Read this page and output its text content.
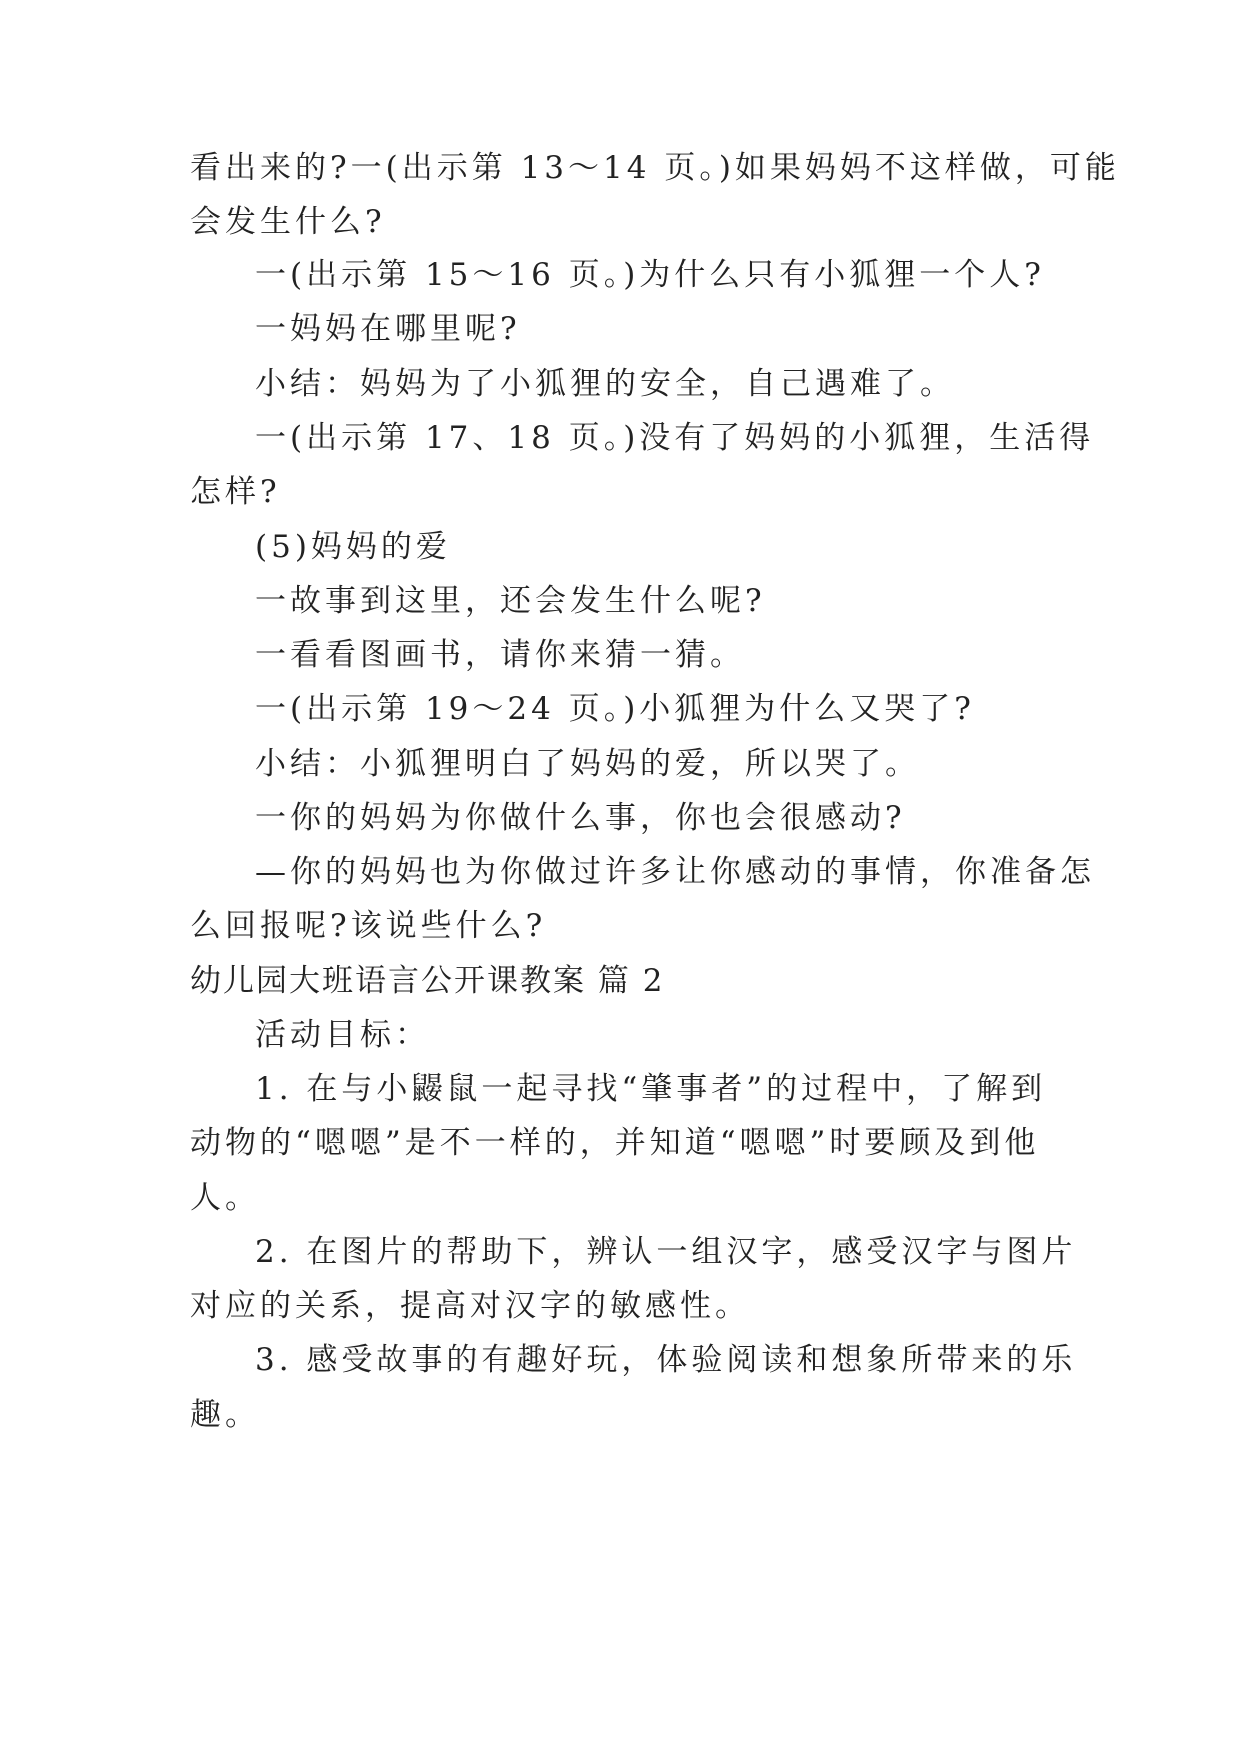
看出来的?一(出示第 13～14 页。)如果妈妈不这样做，可能
会发生什么?
一(出示第 15～16 页。)为什么只有小狐狸一个人?
一妈妈在哪里呢?
小结：妈妈为了小狐狸的安全，自己遇难了。
一(出示第 17、18 页。)没有了妈妈的小狐狸，生活得
怎样?
(5)妈妈的爱
一故事到这里，还会发生什么呢?
一看看图画书，请你来猜一猜。
一(出示第 19～24 页。)小狐狸为什么又哭了?
小结：小狐狸明白了妈妈的爱，所以哭了。
一你的妈妈为你做什么事，你也会很感动?
—你的妈妈也为你做过许多让你感动的事情，你准备怎
么回报呢?该说些什么?
幼儿园大班语言公开课教案 篇 2
活动目标：
1. 在与小鼹鼠一起寻找“肇事者”的过程中，了解到
动物的“嗯嗯”是不一样的，并知道“嗯嗯”时要顾及到他
人。
2. 在图片的帮助下，辨认一组汉字，感受汉字与图片
对应的关系，提高对汉字的敏感性。
3. 感受故事的有趣好玩，体验阅读和想象所带来的乐
趣。
